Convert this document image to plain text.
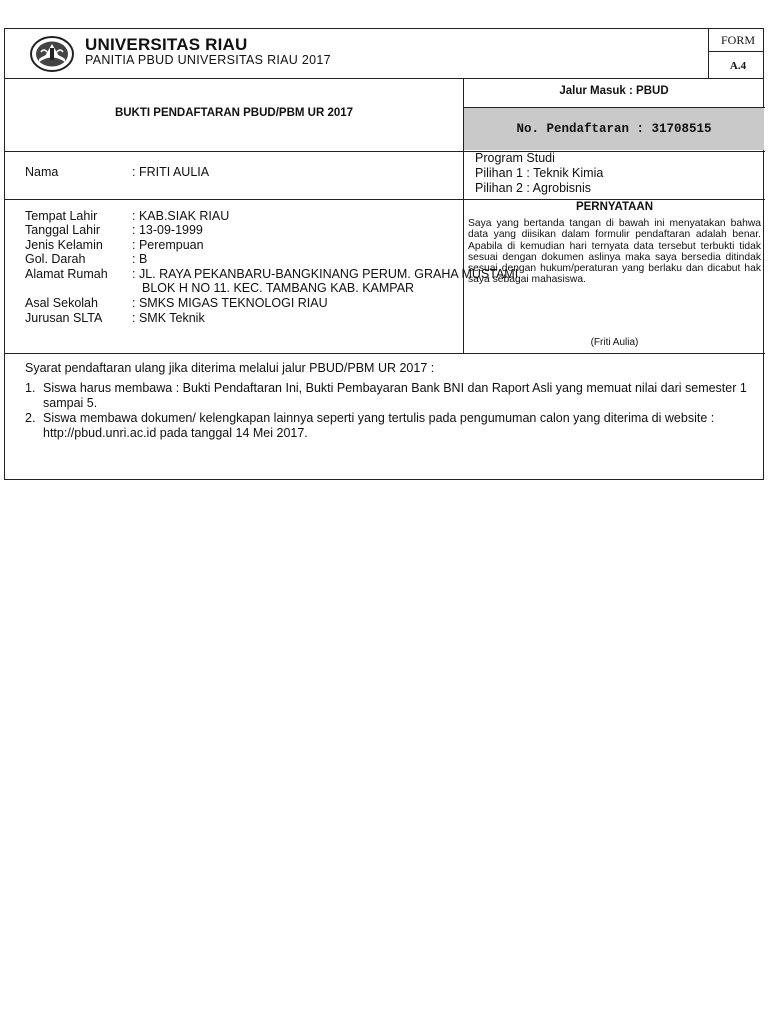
UNIVERSITAS RIAU
PANITIA PBUD UNIVERSITAS RIAU 2017
FORM
A.4
BUKTI PENDAFTARAN PBUD/PBM UR 2017
Jalur Masuk : PBUD
No. Pendaftaran : 31708515
Nama	: FRITI AULIA
Program Studi
Pilihan 1 : Teknik Kimia
Pilihan 2 : Agrobisnis
Tempat Lahir	: KAB.SIAK RIAU
Tanggal Lahir	: 13-09-1999
Jenis Kelamin : Perempuan
Gol. Darah	: B
Alamat Rumah : JL. RAYA PEKANBARU-BANGKINANG PERUM. GRAHA MUSTAMI
BLOK H NO 11. KEC. TAMBANG KAB. KAMPAR
Asal Sekolah	: SMKS MIGAS TEKNOLOGI RIAU
Jurusan SLTA : SMK Teknik
PERNYATAAN
Saya yang bertanda tangan di bawah ini menyatakan bahwa data yang diisikan dalam formulir pendaftaran adalah benar. Apabila di kemudian hari ternyata data tersebut terbukti tidak sesuai dengan dokumen aslinya maka saya bersedia ditindak sesuai dengan hukum/peraturan yang berlaku dan dicabut hak saya sebagai mahasiswa.
(Friti Aulia)
Syarat pendaftaran ulang jika diterima melalui jalur PBUD/PBM UR 2017 :
1. Siswa harus membawa : Bukti Pendaftaran Ini, Bukti Pembayaran Bank BNI dan Raport Asli yang memuat nilai dari semester 1 sampai 5.
2. Siswa membawa dokumen/ kelengkapan lainnya seperti yang tertulis pada pengumuman calon yang diterima di website : http://pbud.unri.ac.id pada tanggal 14 Mei 2017.
